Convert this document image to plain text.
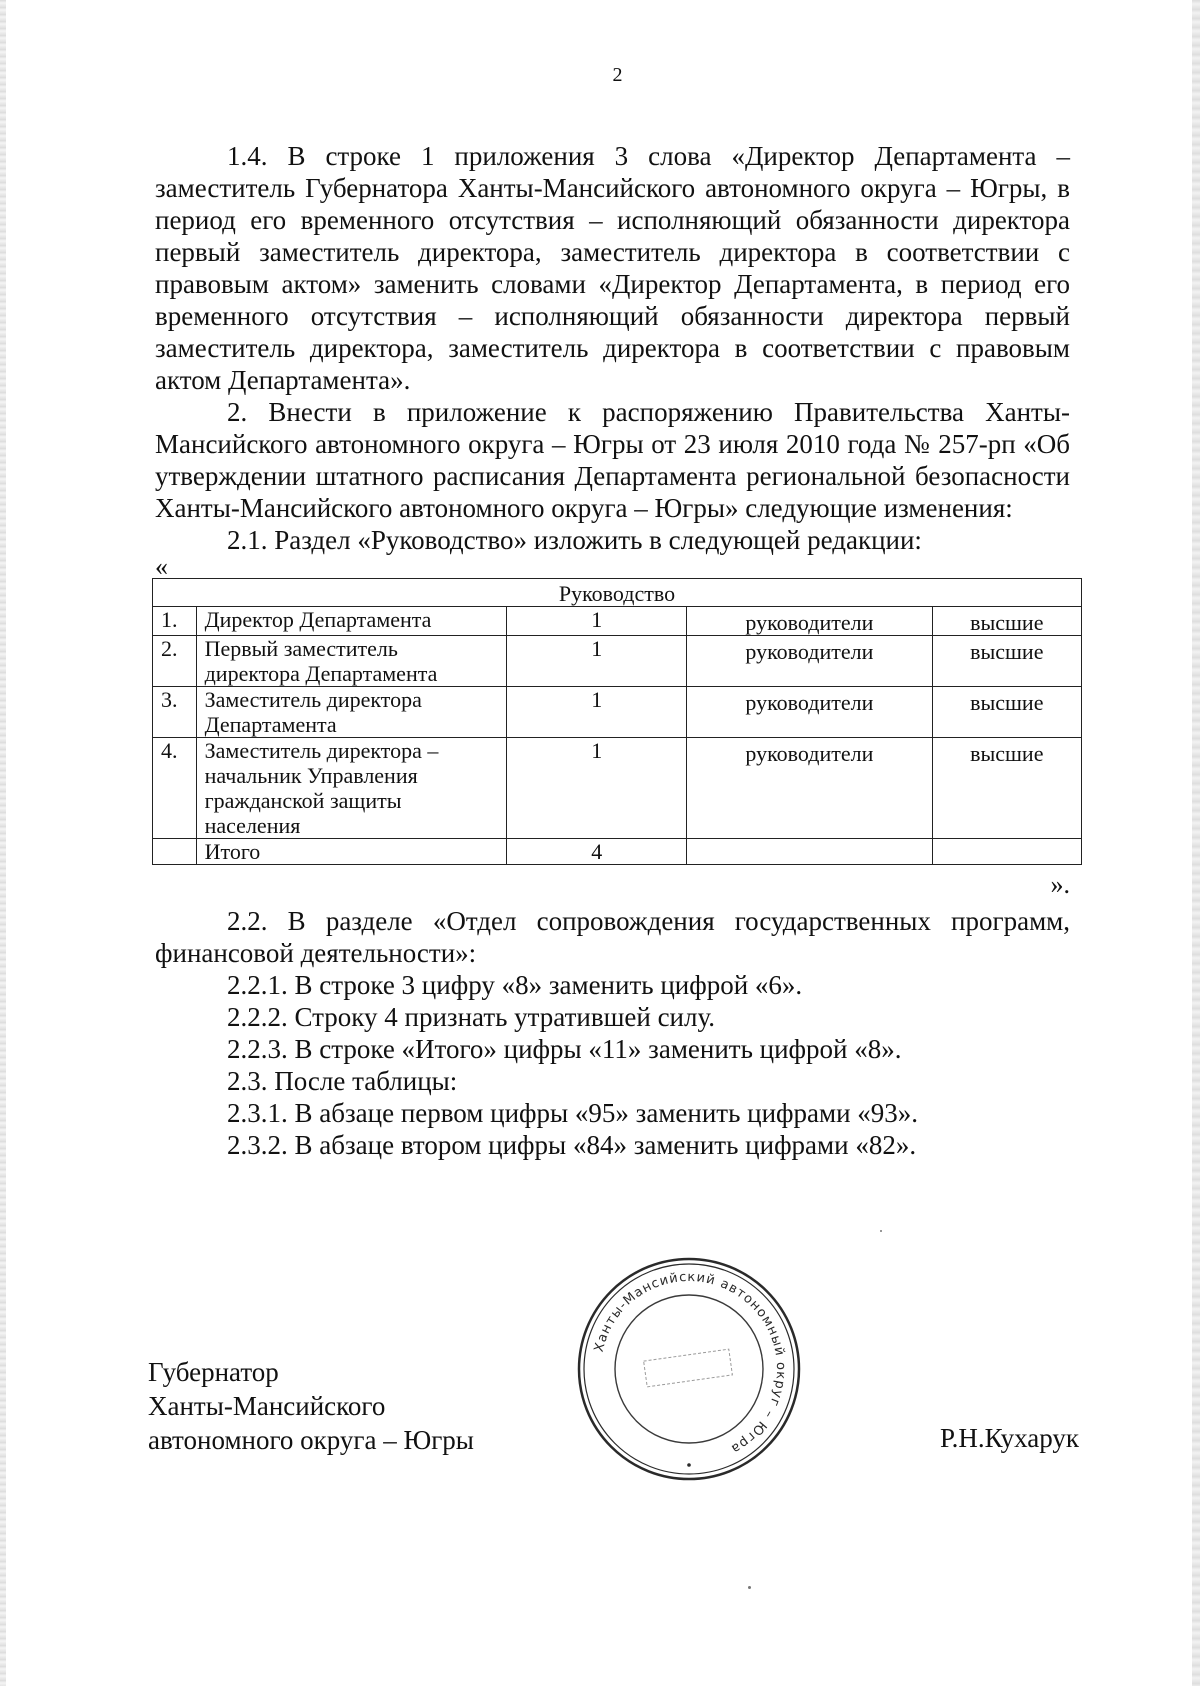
2

1.4. В строке 1 приложения 3 слова «Директор Департамента – заместитель Губернатора Ханты-Мансийского автономного округа – Югры, в период его временного отсутствия – исполняющий обязанности директора первый заместитель директора, заместитель директора в соответствии с правовым актом» заменить словами «Директор Департамента, в период его временного отсутствия – исполняющий обязанности директора первый заместитель директора, заместитель директора в соответствии с правовым актом Департамента».

2. Внести в приложение к распоряжению Правительства Ханты-Мансийского автономного округа – Югры от 23 июля 2010 года № 257-рп «Об утверждении штатного расписания Департамента региональной безопасности Ханты-Мансийского автономного округа – Югры» следующие изменения:

2.1. Раздел «Руководство» изложить в следующей редакции:

«

Руководство				
1.	Директор Департамента	1	руководители	высшие
2.	Первый заместитель директора Департамента	1	руководители	высшие
3.	Заместитель директора Департамента	1	руководители	высшие
4.	Заместитель директора – начальник Управления гражданской защиты населения	1	руководители	высшие
	Итого	4		

».

2.2. В разделе «Отдел сопровождения государственных программ, финансовой деятельности»:

2.2.1. В строке 3 цифру «8» заменить цифрой «6».

2.2.2. Строку 4 признать утратившей силу.

2.2.3. В строке «Итого» цифры «11» заменить цифрой «8».

2.3. После таблицы:

2.3.1. В абзаце первом цифры «95» заменить цифрами «93».

2.3.2. В абзаце втором цифры «84» заменить цифрами «82».

Губернатор
Ханты-Мансийского
автономного округа – Югры
Ханты-Мансийский автономный округ – Югра	Р.Н.Кухарук
